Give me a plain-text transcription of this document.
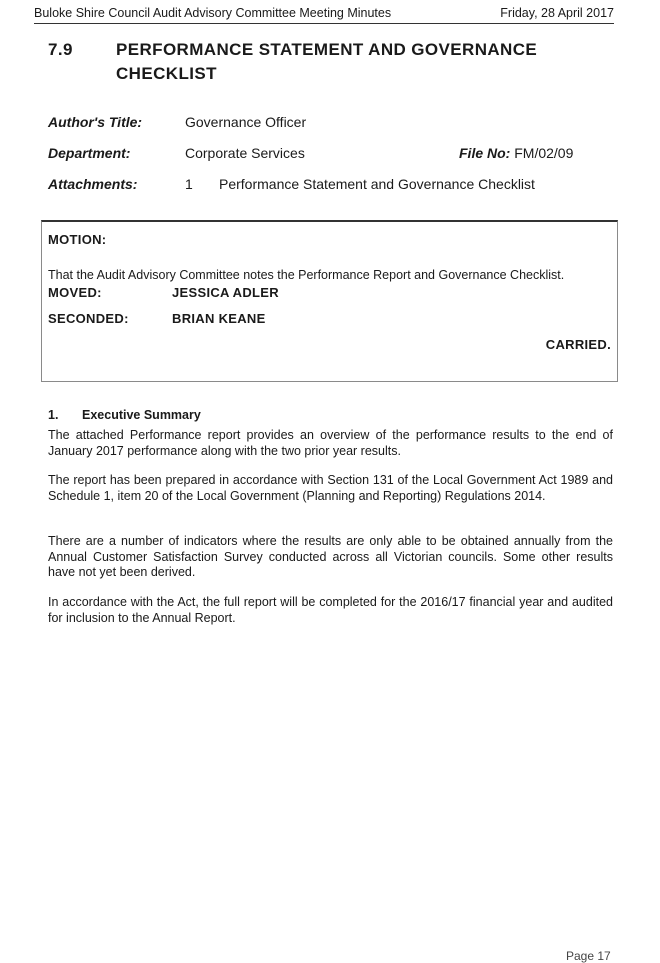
Buloke Shire Council Audit Advisory Committee Meeting Minutes	Friday, 28 April 2017
7.9	PERFORMANCE STATEMENT AND GOVERNANCE CHECKLIST
Author's Title:	Governance Officer
Department:	Corporate Services	File No: FM/02/09
Attachments:	1 Performance Statement and Governance Checklist
MOTION:
That the Audit Advisory Committee notes the Performance Report and Governance Checklist.
MOVED:	JESSICA ADLER
SECONDED:	BRIAN KEANE
CARRIED.
1. Executive Summary

The attached Performance report provides an overview of the performance results to the end of January 2017 performance along with the two prior year results.

The report has been prepared in accordance with Section 131 of the Local Government Act 1989 and Schedule 1, item 20 of the Local Government (Planning and Reporting) Regulations 2014.

There are a number of indicators where the results are only able to be obtained annually from the Annual Customer Satisfaction Survey conducted across all Victorian councils. Some other results have not yet been derived.

In accordance with the Act, the full report will be completed for the 2016/17 financial year and audited for inclusion to the Annual Report.

Page 17
